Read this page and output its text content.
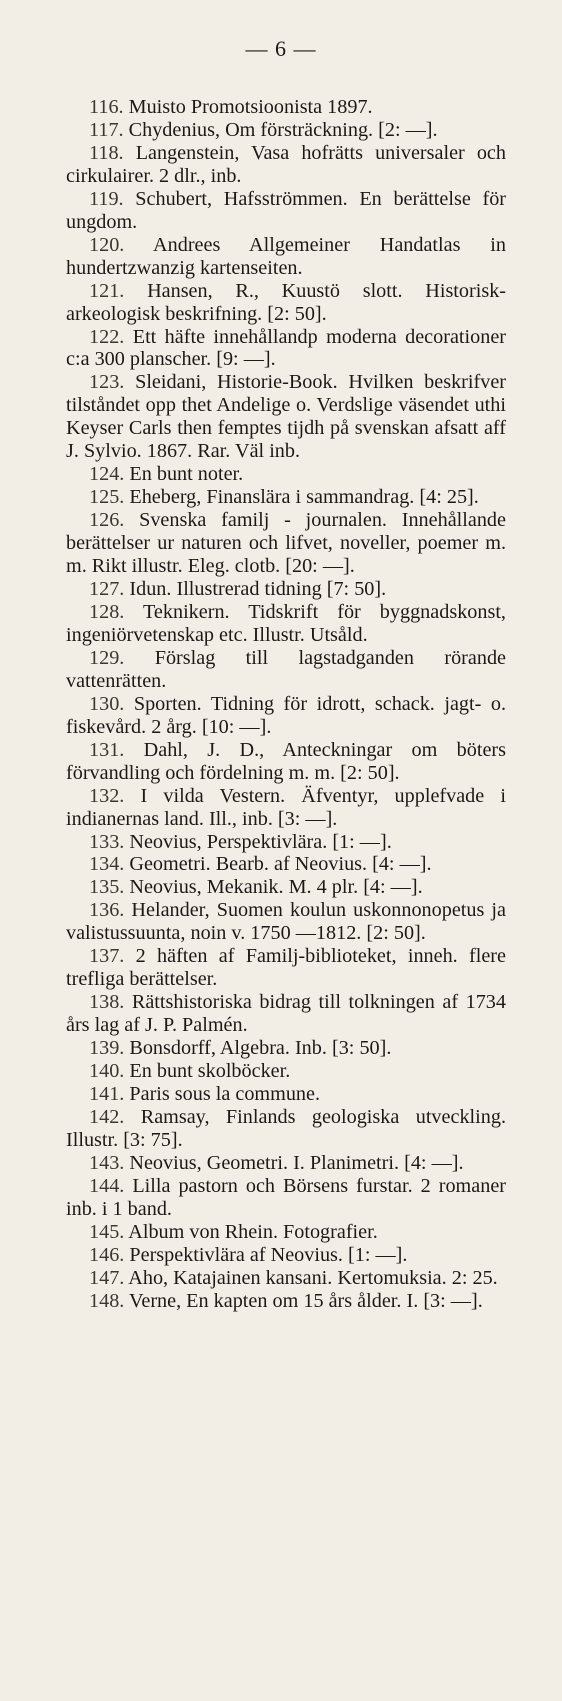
— 6 —

116. Muisto Promotsioonista 1897.

117. Chydenius, Om försträckning. [2: —].

118. Langenstein, Vasa hofrätts universaler och cirkulairer. 2 dlr., inb.

119. Schubert, Hafsströmmen. En berättelse för ungdom.

120. Andrees Allgemeiner Handatlas in hundertzwanzig kartenseiten.

121. Hansen, R., Kuustö slott. Historisk-arkeologisk beskrifning. [2: 50].

122. Ett häfte innehållandp moderna decorationer c:a 300 planscher. [9: —].

123. Sleidani, Historie-Book. Hvilken beskrifver tilståndet opp thet Andelige o. Verdslige väsendet uthi Keyser Carls then femptes tijdh på svenskan afsatt aff J. Sylvio. 1867. Rar. Väl inb.

124. En bunt noter.

125. Eheberg, Finanslära i sammandrag. [4: 25].

126. Svenska familj - journalen. Innehållande berättelser ur naturen och lifvet, noveller, poemer m. m. Rikt illustr. Eleg. clotb. [20: —].

127. Idun. Illustrerad tidning [7: 50].

128. Teknikern. Tidskrift för byggnadskonst, ingeniörvetenskap etc. Illustr. Utsåld.

129. Förslag till lagstadganden rörande vattenrätten.

130. Sporten. Tidning för idrott, schack. jagt- o. fiskevård. 2 årg. [10: —].

131. Dahl, J. D., Anteckningar om böters förvandling och fördelning m. m. [2: 50].

132. I vilda Vestern. Äfventyr, upplefvade i indianernas land. Ill., inb. [3: —].

133. Neovius, Perspektivlära. [1: —].

134. Geometri. Bearb. af Neovius. [4: —].

135. Neovius, Mekanik. M. 4 plr. [4: —].

136. Helander, Suomen koulun uskonnonopetus ja valistussuunta, noin v. 1750 —1812. [2: 50].

137. 2 häften af Familj-biblioteket, inneh. flere trefliga berättelser.

138. Rättshistoriska bidrag till tolkningen af 1734 års lag af J. P. Palmén.

139. Bonsdorff, Algebra. Inb. [3: 50].

140. En bunt skolböcker.

141. Paris sous la commune.

142. Ramsay, Finlands geologiska utveckling. Illustr. [3: 75].

143. Neovius, Geometri. I. Planimetri. [4: —].

144. Lilla pastorn och Börsens furstar. 2 romaner inb. i 1 band.

145. Album von Rhein. Fotografier.

146. Perspektivlära af Neovius. [1: —].

147. Aho, Katajainen kansani. Kertomuksia. 2: 25.

148. Verne, En kapten om 15 års ålder. I. [3: —].
